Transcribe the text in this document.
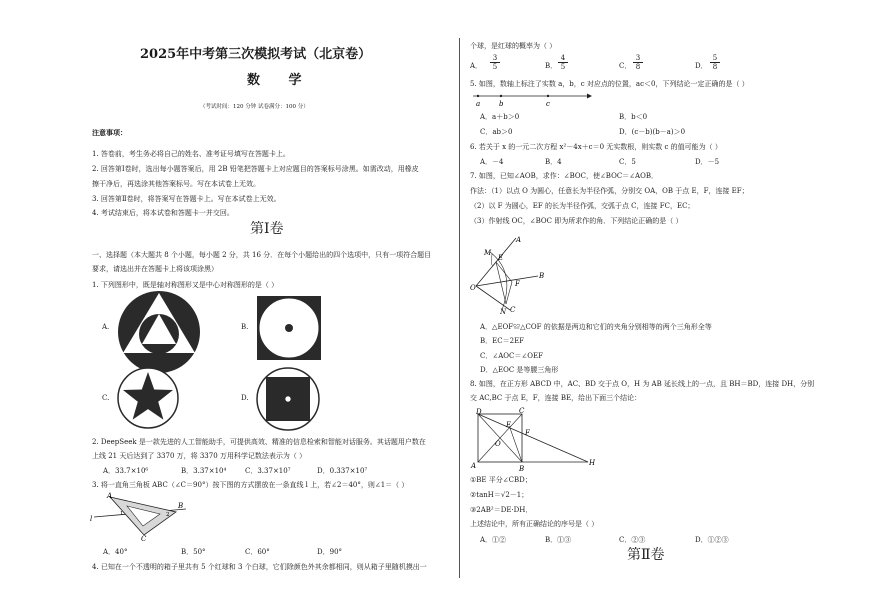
2025年中考第三次模拟考试（北京卷）
数 学
（考试时间：120 分钟 试卷满分：100 分）
注意事项：
1. 答卷前，考生务必将自己的姓名、准考证号填写在答题卡上。
2. 回答第Ⅰ卷时，选出每小题答案后，用 2B 铅笔把答题卡上对应题目的答案标号涂黑。如需改动，用橡皮
擦干净后，再选涂其他答案标号。写在本试卷上无效。
3. 回答第Ⅱ卷时，将答案写在答题卡上。写在本试卷上无效。
4. 考试结束后，将本试卷和答题卡一并交回。
第Ⅰ卷
一、选择题（本大题共 8 个小题，每小题 2 分，共 16 分．在每个小题给出的四个选项中，只有一项符合题目
要求，请选出并在答题卡上将该项涂黑）
1. 下列图形中，既是轴对称图形又是中心对称图形的是（ ）
A.	B.
C.	D.
2. DeepSeek 是一款先进的人工智能助手，可提供高效、精准的信息检索和智能对话服务。其话题用户数在
上线 21 天后达到了 3370 万，将 3370 万用科学记数法表示为（ ）
A．33.7×10⁶	B．3.37×10⁴	C．3.37×10⁷	D．0.337×10⁷
3. 将一直角三角板 ABC（∠C＝90°）按下图的方式摆放在一条直线 l 上，若∠2＝40°，则∠1＝（ ）
A
B
C
l
1	2
A．40°	B．50°	C．60°	D．90°
4. 已知在一个不透明的箱子里共有 5 个红球和 3 个白球，它们除颜色外其余都相同，则从箱子里随机摸出一
个球，是红球的概率为（ ）
A．
3
5	B．
4
5	C．
3
8	D．
5
8
5. 如图，数轴上标注了实数 a，b，c 对应点的位置，ac＜0，下列结论一定正确的是（ ）
a	b	c
A．a＋b＞0	B．b＜0
C．ab＞0	D．(c－b)(b－a)＞0
6. 若关于 x 的一元二次方程 x²－4x＋c＝0 无实数根，则实数 c 的值可能为（ ）
A．－4	B．4	C．5	D．－5
7. 如图，已知∠AOB，求作：∠BOC，使∠BOC＝∠AOB．
作法：（1）以点 O 为圆心，任意长为半径作弧，分别交 OA，OB 于点 E，F，连接 EF；
（2）以 F 为圆心，EF 的长为半径作弧，交弧于点 C，连接 FC，EC；
（3）作射线 OC，∠BOC 即为所求作的角．下列结论正确的是（ ）
A
B
O
M
E
F
N C
A．△EOF≌△COF 的依据是两边和它们的夹角分别相等的两个三角形全等
B．EC＝2EF
C．∠AOC＝∠OEF
D．△EOC 是等腰三角形
8. 如图，在正方形 ABCD 中，AC、BD 交于点 O，H 为 AB 延长线上的一点，且 BH＝BD，连接 DH，分别
交 AC,BC 于点 E，F，连接 BE，给出下面三个结论：
D	C
E
F
O
A	B
H
①BE 平分∠CBD；
②tanH＝√2－1；
③2AB²＝DE·DH．
上述结论中，所有正确结论的序号是（ ）
A．①②	B．①③	C．②③	D．①②③
第Ⅱ卷
